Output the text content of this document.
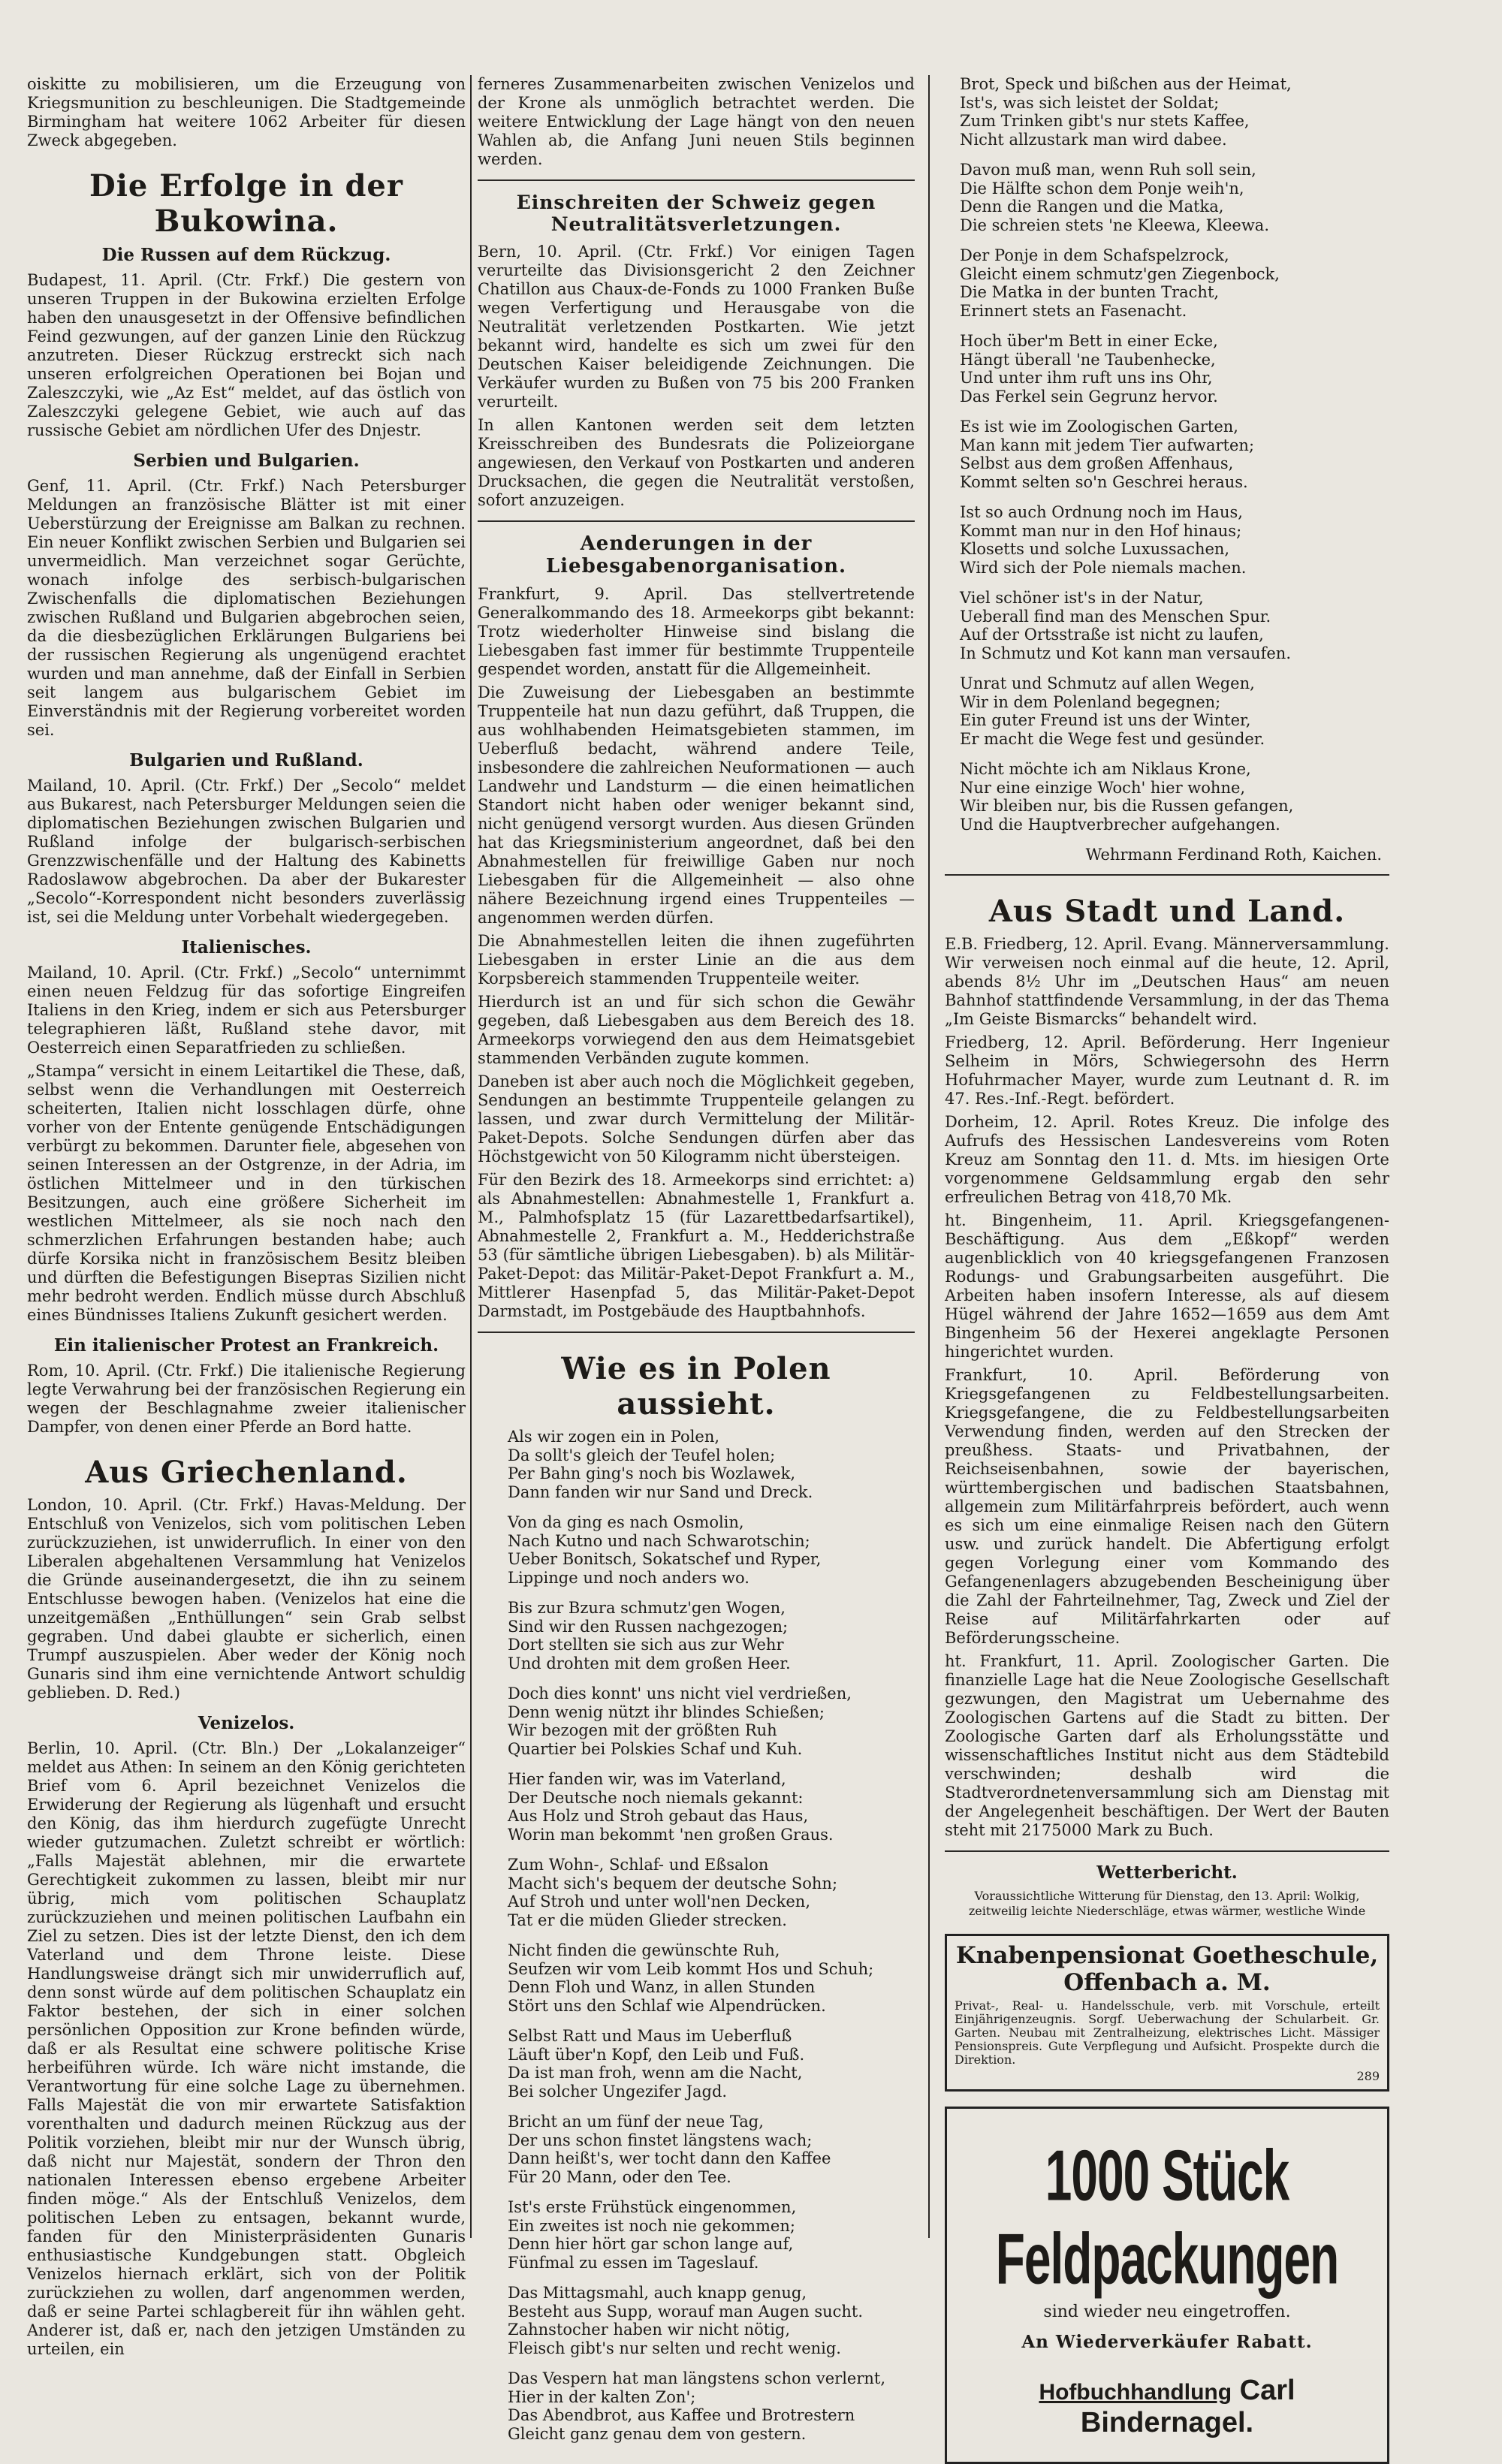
oiskitte zu mobilisieren, um die Erzeugung von Kriegsmunition zu beschleunigen. Die Stadtgemeinde Birmingham hat weitere 1062 Arbeiter für diesen Zweck abgegeben.

Die Erfolge in der Bukowina.
Die Russen auf dem Rückzug.

Budapest, 11. April. (Ctr. Frkf.) Die gestern von unseren Truppen in der Bukowina erzielten Erfolge haben den unausgesetzt in der Offensive befindlichen Feind gezwungen, auf der ganzen Linie den Rückzug anzutreten. Dieser Rückzug erstreckt sich nach unseren erfolgreichen Operationen bei Bojan und Zaleszczyki, wie „Az Est“ meldet, auf das östlich von Zaleszczyki gelegene Gebiet, wie auch auf das russische Gebiet am nördlichen Ufer des Dnjestr.

Serbien und Bulgarien.

Genf, 11. April. (Ctr. Frkf.) Nach Petersburger Meldungen an französische Blätter ist mit einer Ueberstürzung der Ereignisse am Balkan zu rechnen. Ein neuer Konflikt zwischen Serbien und Bulgarien sei unvermeidlich. Man verzeichnet sogar Gerüchte, wonach infolge des serbisch-bulgarischen Zwischenfalls die diplomatischen Beziehungen zwischen Rußland und Bulgarien abgebrochen seien, da die diesbezüglichen Erklärungen Bulgariens bei der russischen Regierung als ungenügend erachtet wurden und man annehme, daß der Einfall in Serbien seit langem aus bulgarischem Gebiet im Einverständnis mit der Regierung vorbereitet worden sei.

Bulgarien und Rußland.

Mailand, 10. April. (Ctr. Frkf.) Der „Secolo“ meldet aus Bukarest, nach Petersburger Meldungen seien die diplomatischen Beziehungen zwischen Bulgarien und Rußland infolge der bulgarisch-serbischen Grenzzwischenfälle und der Haltung des Kabinetts Radoslawow abgebrochen. Da aber der Bukarester „Secolo“-Korrespondent nicht besonders zuverlässig ist, sei die Meldung unter Vorbehalt wiedergegeben.

Italienisches.

Mailand, 10. April. (Ctr. Frkf.) „Secolo“ unternimmt einen neuen Feldzug für das sofortige Eingreifen Italiens in den Krieg, indem er sich aus Petersburger telegraphieren läßt, Rußland stehe davor, mit Oesterreich einen Separatfrieden zu schließen.

„Stampa“ versicht in einem Leitartikel die These, daß, selbst wenn die Verhandlungen mit Oesterreich scheiterten, Italien nicht losschlagen dürfe, ohne vorher von der Entente genügende Entschädigungen verbürgt zu bekommen. Darunter fiele, abgesehen von seinen Interessen an der Ostgrenze, in der Adria, im östlichen Mittelmeer und in den türkischen Besitzungen, auch eine größere Sicherheit im westlichen Mittelmeer, als sie noch nach den schmerzlichen Erfahrungen bestanden habe; auch dürfe Korsika nicht in französischem Besitz bleiben und dürften die Befestigungen Biseртas Sizilien nicht mehr bedroht werden. Endlich müsse durch Abschluß eines Bündnisses Italiens Zukunft gesichert werden.

Ein italienischer Protest an Frankreich.

Rom, 10. April. (Ctr. Frkf.) Die italienische Regierung legte Verwahrung bei der französischen Regierung ein wegen der Beschlagnahme zweier italienischer Dampfer, von denen einer Pferde an Bord hatte.

Aus Griechenland.

London, 10. April. (Ctr. Frkf.) Havas-Meldung. Der Entschluß von Venizelos, sich vom politischen Leben zurückzuziehen, ist unwiderruflich. In einer von den Liberalen abgehaltenen Versammlung hat Venizelos die Gründe auseinandergesetzt, die ihn zu seinem Entschlusse bewogen haben. (Venizelos hat eine die unzeitgemäßen „Enthüllungen“ sein Grab selbst gegraben. Und dabei glaubte er sicherlich, einen Trumpf auszuspielen. Aber weder der König noch Gunaris sind ihm eine vernichtende Antwort schuldig geblieben. D. Red.)

Venizelos.

Berlin, 10. April. (Ctr. Bln.) Der „Lokalanzeiger“ meldet aus Athen: In seinem an den König gerichteten Brief vom 6. April bezeichnet Venizelos die Erwiderung der Regierung als lügenhaft und ersucht den König, das ihm hierdurch zugefügte Unrecht wieder gutzumachen. Zuletzt schreibt er wörtlich: „Falls Majestät ablehnen, mir die erwartete Gerechtigkeit zukommen zu lassen, bleibt mir nur übrig, mich vom politischen Schauplatz zurückzuziehen und meinen politischen Laufbahn ein Ziel zu setzen. Dies ist der letzte Dienst, den ich dem Vaterland und dem Throne leiste. Diese Handlungsweise drängt sich mir unwiderruflich auf, denn sonst würde auf dem politischen Schauplatz ein Faktor bestehen, der sich in einer solchen persönlichen Opposition zur Krone befinden würde, daß er als Resultat eine schwere politische Krise herbeiführen würde. Ich wäre nicht imstande, die Verantwortung für eine solche Lage zu übernehmen. Falls Majestät die von mir erwartete Satisfaktion vorenthalten und dadurch meinen Rückzug aus der Politik vorziehen, bleibt mir nur der Wunsch übrig, daß nicht nur Majestät, sondern der Thron den nationalen Interessen ebenso ergebene Arbeiter finden möge.“ Als der Entschluß Venizelos, dem politischen Leben zu entsagen, bekannt wurde, fanden für den Ministerpräsidenten Gunaris enthusiastische Kundgebungen statt. Obgleich Venizelos hiernach erklärt, sich von der Politik zurückziehen zu wollen, darf angenommen werden, daß er seine Partei schlagbereit für ihn wählen geht. Anderer ist, daß er, nach den jetzigen Umständen zu urteilen, ein

ferneres Zusammenarbeiten zwischen Venizelos und der Krone als unmöglich betrachtet werden. Die weitere Entwicklung der Lage hängt von den neuen Wahlen ab, die Anfang Juni neuen Stils beginnen werden.

Einschreiten der Schweiz gegen Neutralitätsverletzungen.

Bern, 10. April. (Ctr. Frkf.) Vor einigen Tagen verurteilte das Divisionsgericht 2 den Zeichner Chatillon aus Chaux-de-Fonds zu 1000 Franken Buße wegen Verfertigung und Herausgabe von die Neutralität verletzenden Postkarten. Wie jetzt bekannt wird, handelte es sich um zwei für den Deutschen Kaiser beleidigende Zeichnungen. Die Verkäufer wurden zu Bußen von 75 bis 200 Franken verurteilt.

In allen Kantonen werden seit dem letzten Kreisschreiben des Bundesrats die Polizeiorgane angewiesen, den Verkauf von Postkarten und anderen Drucksachen, die gegen die Neutralität verstoßen, sofort anzuzeigen.

Aenderungen in der Liebesgabenorganisation.

Frankfurt, 9. April. Das stellvertretende Generalkommando des 18. Armeekorps gibt bekannt: Trotz wiederholter Hinweise sind bislang die Liebesgaben fast immer für bestimmte Truppenteile gespendet worden, anstatt für die Allgemeinheit.

Die Zuweisung der Liebesgaben an bestimmte Truppenteile hat nun dazu geführt, daß Truppen, die aus wohlhabenden Heimatsgebieten stammen, im Ueberfluß bedacht, während andere Teile, insbesondere die zahlreichen Neuformationen — auch Landwehr und Landsturm — die einen heimatlichen Standort nicht haben oder weniger bekannt sind, nicht genügend versorgt wurden. Aus diesen Gründen hat das Kriegsministerium angeordnet, daß bei den Abnahmestellen für freiwillige Gaben nur noch Liebesgaben für die Allgemeinheit — also ohne nähere Bezeichnung irgend eines Truppenteiles — angenommen werden dürfen.

Die Abnahmestellen leiten die ihnen zugeführten Liebesgaben in erster Linie an die aus dem Korpsbereich stammenden Truppenteile weiter.

Hierdurch ist an und für sich schon die Gewähr gegeben, daß Liebesgaben aus dem Bereich des 18. Armeekorps vorwiegend den aus dem Heimatsgebiet stammenden Verbänden zugute kommen.

Daneben ist aber auch noch die Möglichkeit gegeben, Sendungen an bestimmte Truppenteile gelangen zu lassen, und zwar durch Vermittelung der Militär-Paket-Depots. Solche Sendungen dürfen aber das Höchstgewicht von 50 Kilogramm nicht übersteigen.

Für den Bezirk des 18. Armeekorps sind errichtet: a) als Abnahmestellen: Abnahmestelle 1, Frankfurt a. M., Palmhofsplatz 15 (für Lazarettbedarfsartikel), Abnahmestelle 2, Frankfurt a. M., Hedderichstraße 53 (für sämtliche übrigen Liebesgaben). b) als Militär-Paket-Depot: das Militär-Paket-Depot Frankfurt a. M., Mittlerer Hasenpfad 5, das Militär-Paket-Depot Darmstadt, im Postgebäude des Hauptbahnhofs.

Wie es in Polen aussieht.

Als wir zogen ein in Polen,
Da sollt's gleich der Teufel holen;
Per Bahn ging's noch bis Wozlawek,
Dann fanden wir nur Sand und Dreck.

Von da ging es nach Osmolin,
Nach Kutno und nach Schwarotschin;
Ueber Bonitsch, Sokatschef und Ryper,
Lippinge und noch anders wo.

Bis zur Bzura schmutz'gen Wogen,
Sind wir den Russen nachgezogen;
Dort stellten sie sich aus zur Wehr
Und drohten mit dem großen Heer.

Doch dies konnt' uns nicht viel verdrießen,
Denn wenig nützt ihr blindes Schießen;
Wir bezogen mit der größten Ruh
Quartier bei Polskies Schaf und Kuh.

Hier fanden wir, was im Vaterland,
Der Deutsche noch niemals gekannt:
Aus Holz und Stroh gebaut das Haus,
Worin man bekommt 'nen großen Graus.

Zum Wohn-, Schlaf- und Eßsalon
Macht sich's bequem der deutsche Sohn;
Auf Stroh und unter woll'nen Decken,
Tat er die müden Glieder strecken.

Nicht finden die gewünschte Ruh,
Seufzen wir vom Leib kommt Hos und Schuh;
Denn Floh und Wanz, in allen Stunden
Stört uns den Schlaf wie Alpendrücken.

Selbst Ratt und Maus im Ueberfluß
Läuft über'n Kopf, den Leib und Fuß.
Da ist man froh, wenn am die Nacht,
Bei solcher Ungezifer Jagd.

Bricht an um fünf der neue Tag,
Der uns schon finstet längstens wach;
Dann heißt's, wer tocht dann den Kaffee
Für 20 Mann, oder den Tee.

Ist's erste Frühstück eingenommen,
Ein zweites ist noch nie gekommen;
Denn hier hört gar schon lange auf,
Fünfmal zu essen im Tageslauf.

Das Mittagsmahl, auch knapp genug,
Besteht aus Supp, worauf man Augen sucht.
Zahnstocher haben wir nicht nötig,
Fleisch gibt's nur selten und recht wenig.

Das Vespern hat man längstens schon verlernt,
Hier in der kalten Zon';
Das Abendbrot, aus Kaffee und Brotrestern
Gleicht ganz genau dem von gestern.

Brot, Speck und bißchen aus der Heimat,
Ist's, was sich leistet der Soldat;
Zum Trinken gibt's nur stets Kaffee,
Nicht allzustark man wird dabee.

Davon muß man, wenn Ruh soll sein,
Die Hälfte schon dem Ponje weih'n,
Denn die Rangen und die Matka,
Die schreien stets 'ne Kleewa, Kleewa.

Der Ponje in dem Schafspelzrock,
Gleicht einem schmutz'gen Ziegenbock,
Die Matka in der bunten Tracht,
Erinnert stets an Fasenacht.

Hoch über'm Bett in einer Ecke,
Hängt überall 'ne Taubenhecke,
Und unter ihm ruft uns ins Ohr,
Das Ferkel sein Gegrunz hervor.

Es ist wie im Zoologischen Garten,
Man kann mit jedem Tier aufwarten;
Selbst aus dem großen Affenhaus,
Kommt selten so'n Geschrei heraus.

Ist so auch Ordnung noch im Haus,
Kommt man nur in den Hof hinaus;
Klosetts und solche Luxussachen,
Wird sich der Pole niemals machen.

Viel schöner ist's in der Natur,
Ueberall find man des Menschen Spur.
Auf der Ortsstraße ist nicht zu laufen,
In Schmutz und Kot kann man versaufen.

Unrat und Schmutz auf allen Wegen,
Wir in dem Polenland begegnen;
Ein guter Freund ist uns der Winter,
Er macht die Wege fest und gesünder.

Nicht möchte ich am Niklaus Krone,
Nur eine einzige Woch' hier wohne,
Wir bleiben nur, bis die Russen gefangen,
Und die Hauptverbrecher aufgehangen.

Wehrmann Ferdinand Roth, Kaichen.
Aus Stadt und Land.

E.B. Friedberg, 12. April. Evang. Männerversammlung. Wir verweisen noch einmal auf die heute, 12. April, abends 8½ Uhr im „Deutschen Haus“ am neuen Bahnhof stattfindende Versammlung, in der das Thema „Im Geiste Bismarcks“ behandelt wird.

Friedberg, 12. April. Beförderung. Herr Ingenieur Selheim in Mörs, Schwiegersohn des Herrn Hofuhrmacher Mayer, wurde zum Leutnant d. R. im 47. Res.-Inf.-Regt. befördert.

Dorheim, 12. April. Rotes Kreuz. Die infolge des Aufrufs des Hessischen Landesvereins vom Roten Kreuz am Sonntag den 11. d. Mts. im hiesigen Orte vorgenommene Geldsammlung ergab den sehr erfreulichen Betrag von 418,70 Mk.

ht. Bingenheim, 11. April. Kriegsgefangenen-Beschäftigung. Aus dem „Eßkopf“ werden augenblicklich von 40 kriegsgefangenen Franzosen Rodungs- und Grabungsarbeiten ausgeführt. Die Arbeiten haben insofern Interesse, als auf diesem Hügel während der Jahre 1652—1659 aus dem Amt Bingenheim 56 der Hexerei angeklagte Personen hingerichtet wurden.

Frankfurt, 10. April. Beförderung von Kriegsgefangenen zu Feldbestellungsarbeiten. Kriegsgefangene, die zu Feldbestellungsarbeiten Verwendung finden, werden auf den Strecken der preußhess. Staats- und Privatbahnen, der Reichseisenbahnen, sowie der bayerischen, württembergischen und badischen Staatsbahnen, allgemein zum Militärfahrpreis befördert, auch wenn es sich um eine einmalige Reisen nach den Gütern usw. und zurück handelt. Die Abfertigung erfolgt gegen Vorlegung einer vom Kommando des Gefangenenlagers abzugebenden Bescheinigung über die Zahl der Fahrteilnehmer, Tag, Zweck und Ziel der Reise auf Militärfahrkarten oder auf Beförderungsscheine.

ht. Frankfurt, 11. April. Zoologischer Garten. Die finanzielle Lage hat die Neue Zoologische Gesellschaft gezwungen, den Magistrat um Uebernahme des Zoologischen Gartens auf die Stadt zu bitten. Der Zoologische Garten darf als Erholungsstätte und wissenschaftliches Institut nicht aus dem Städtebild verschwinden; deshalb wird die Stadtverordnetenversammlung sich am Dienstag mit der Angelegenheit beschäftigen. Der Wert der Bauten steht mit 2175000 Mark zu Buch.

Wetterbericht.
Voraussichtliche Witterung für Dienstag, den 13. April: Wolkig, zeitweilig leichte Niederschläge, etwas wärmer, westliche Winde
Knabenpensionat Goetheschule, Offenbach a. M.
Privat-, Real- u. Handelsschule, verb. mit Vorschule, erteilt Einjährigenzeugnis. Sorgf. Ueberwachung der Schularbeit. Gr. Garten. Neubau mit Zentralheizung, elektrisches Licht. Mässiger Pensionspreis. Gute Verpflegung und Aufsicht. Prospekte durch die Direktion.
289
1000 Stück Feldpackungen
sind wieder neu eingetroffen.
An Wiederverkäufer Rabatt.
Hofbuchhandlung Carl Bindernagel.
